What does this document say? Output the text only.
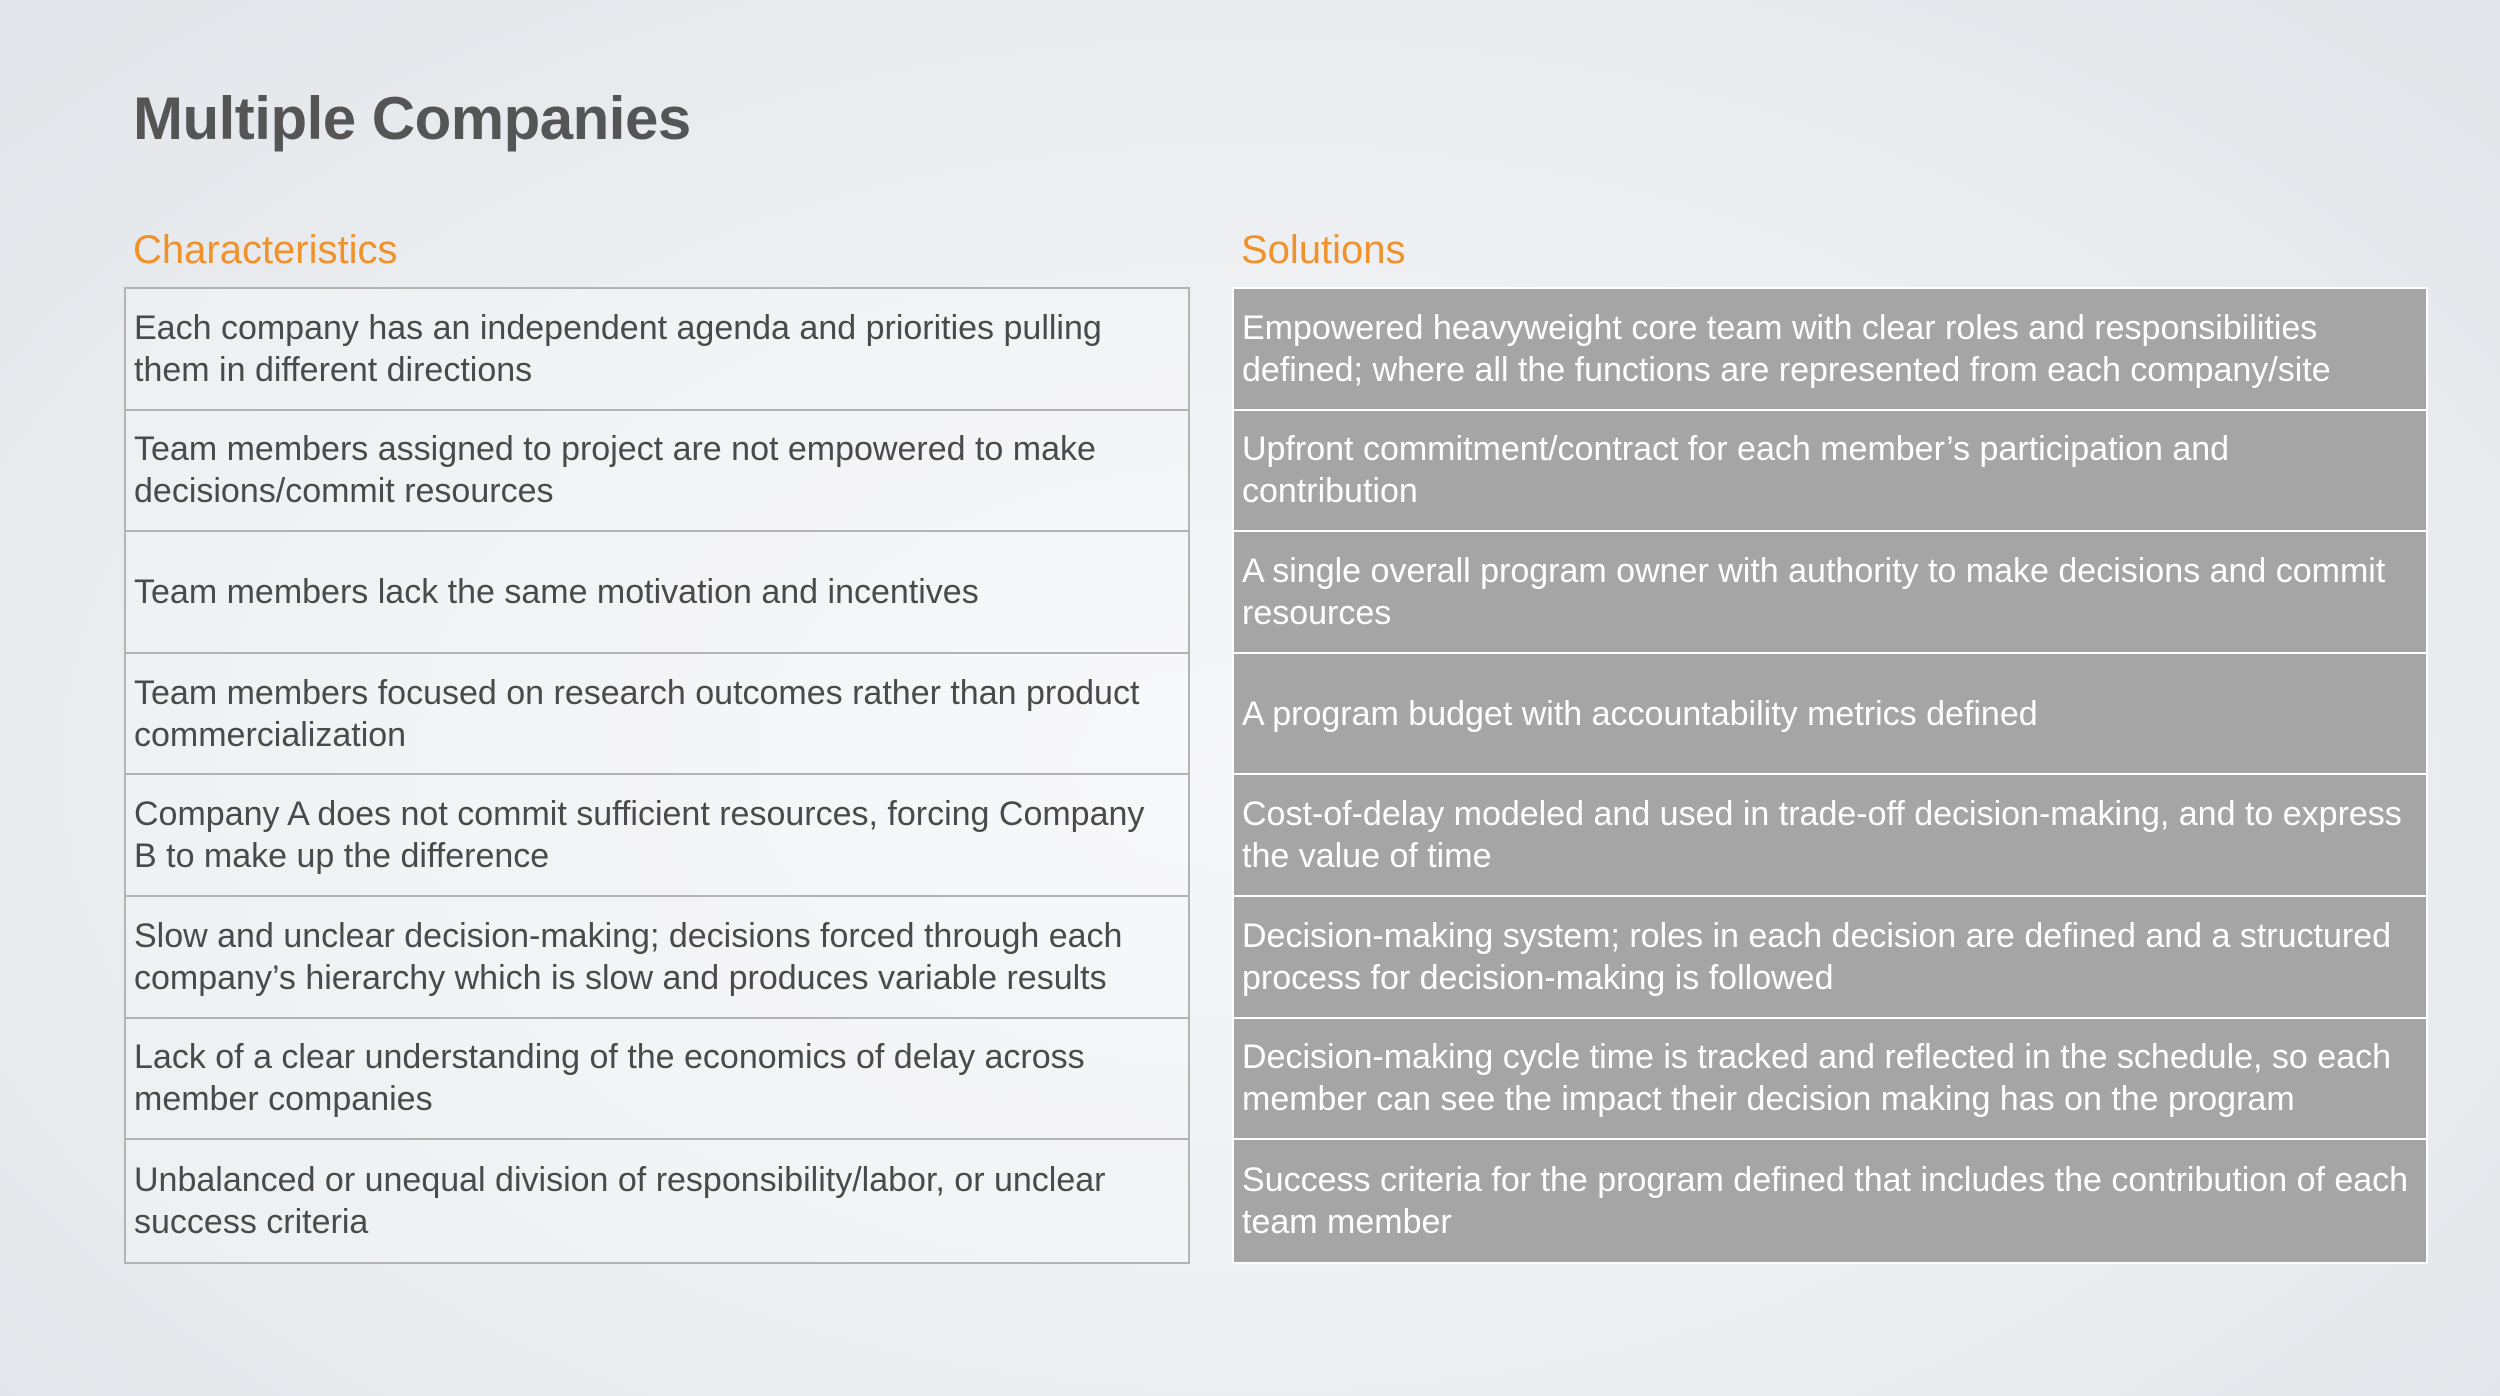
Multiple Companies
Characteristics	Solutions
Each company has an independent agenda and priorities pulling them in different directions
Team members assigned to project are not empowered to make decisions/commit resources
Team members lack the same motivation and incentives
Team members focused on research outcomes rather than product commercialization
Company A does not commit sufficient resources, forcing Company B to make up the difference
Slow and unclear decision-making; decisions forced through each company’s hierarchy which is slow and produces variable results
Lack of a clear understanding of the economics of delay across member companies
Unbalanced or unequal division of responsibility/labor, or unclear success criteria
Empowered heavyweight core team with clear roles and responsibilities defined; where all the functions are represented from each company/site
Upfront commitment/contract for each member’s participation and contribution
A single overall program owner with authority to make decisions and commit resources
A program budget with accountability metrics defined
Cost-of-delay modeled and used in trade-off decision-making, and to express the value of time
Decision-making system; roles in each decision are defined and a structured process for decision-making is followed
Decision-making cycle time is tracked and reflected in the schedule, so each member can see the impact their decision making has on the program
Success criteria for the program defined that includes the contribution of each team member
